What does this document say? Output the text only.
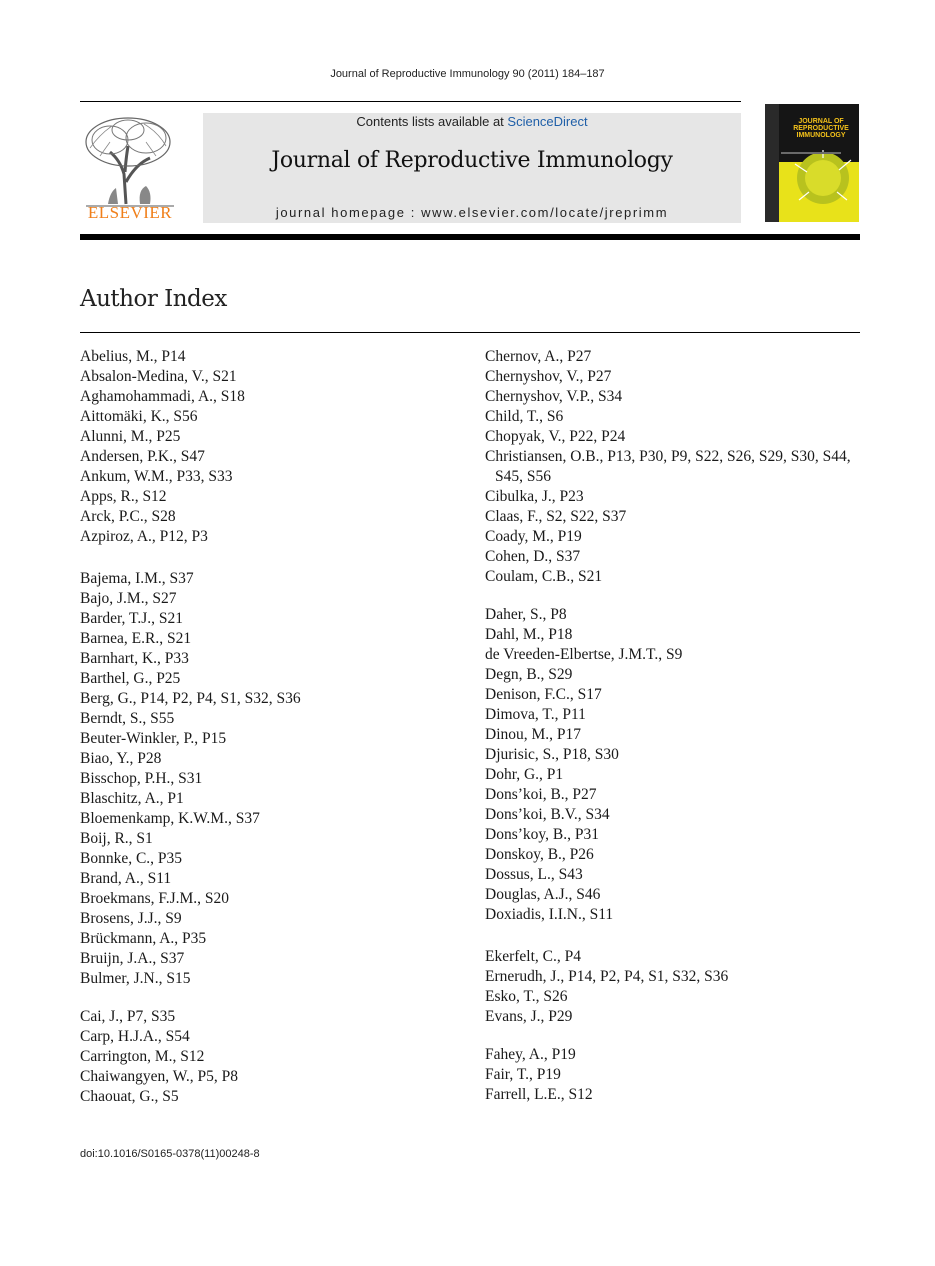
Journal of Reproductive Immunology 90 (2011) 184–187
ELSEVIER
Contents lists available at ScienceDirect
Journal of Reproductive Immunology
journal homepage : www.elsevier.com/locate/jreprimm
JOURNAL OF
REPRODUCTIVE
IMMUNOLOGY
Author Index
Abelius, M., P14
Absalon-Medina, V., S21
Aghamohammadi, A., S18
Aittomäki, K., S56
Alunni, M., P25
Andersen, P.K., S47
Ankum, W.M., P33, S33
Apps, R., S12
Arck, P.C., S28
Azpiroz, A., P12, P3
Bajema, I.M., S37
Bajo, J.M., S27
Barder, T.J., S21
Barnea, E.R., S21
Barnhart, K., P33
Barthel, G., P25
Berg, G., P14, P2, P4, S1, S32, S36
Berndt, S., S55
Beuter-Winkler, P., P15
Biao, Y., P28
Bisschop, P.H., S31
Blaschitz, A., P1
Bloemenkamp, K.W.M., S37
Boij, R., S1
Bonnke, C., P35
Brand, A., S11
Broekmans, F.J.M., S20
Brosens, J.J., S9
Brückmann, A., P35
Bruijn, J.A., S37
Bulmer, J.N., S15
Cai, J., P7, S35
Carp, H.J.A., S54
Carrington, M., S12
Chaiwangyen, W., P5, P8
Chaouat, G., S5
Chernov, A., P27
Chernyshov, V., P27
Chernyshov, V.P., S34
Child, T., S6
Chopyak, V., P22, P24
Christiansen, O.B., P13, P30, P9, S22, S26, S29, S30, S44, S45, S56
Cibulka, J., P23
Claas, F., S2, S22, S37
Coady, M., P19
Cohen, D., S37
Coulam, C.B., S21
Daher, S., P8
Dahl, M., P18
de Vreeden-Elbertse, J.M.T., S9
Degn, B., S29
Denison, F.C., S17
Dimova, T., P11
Dinou, M., P17
Djurisic, S., P18, S30
Dohr, G., P1
Dons’koi, B., P27
Dons’koi, B.V., S34
Dons’koy, B., P31
Donskoy, B., P26
Dossus, L., S43
Douglas, A.J., S46
Doxiadis, I.I.N., S11
Ekerfelt, C., P4
Ernerudh, J., P14, P2, P4, S1, S32, S36
Esko, T., S26
Evans, J., P29
Fahey, A., P19
Fair, T., P19
Farrell, L.E., S12
doi:10.1016/S0165-0378(11)00248-8
